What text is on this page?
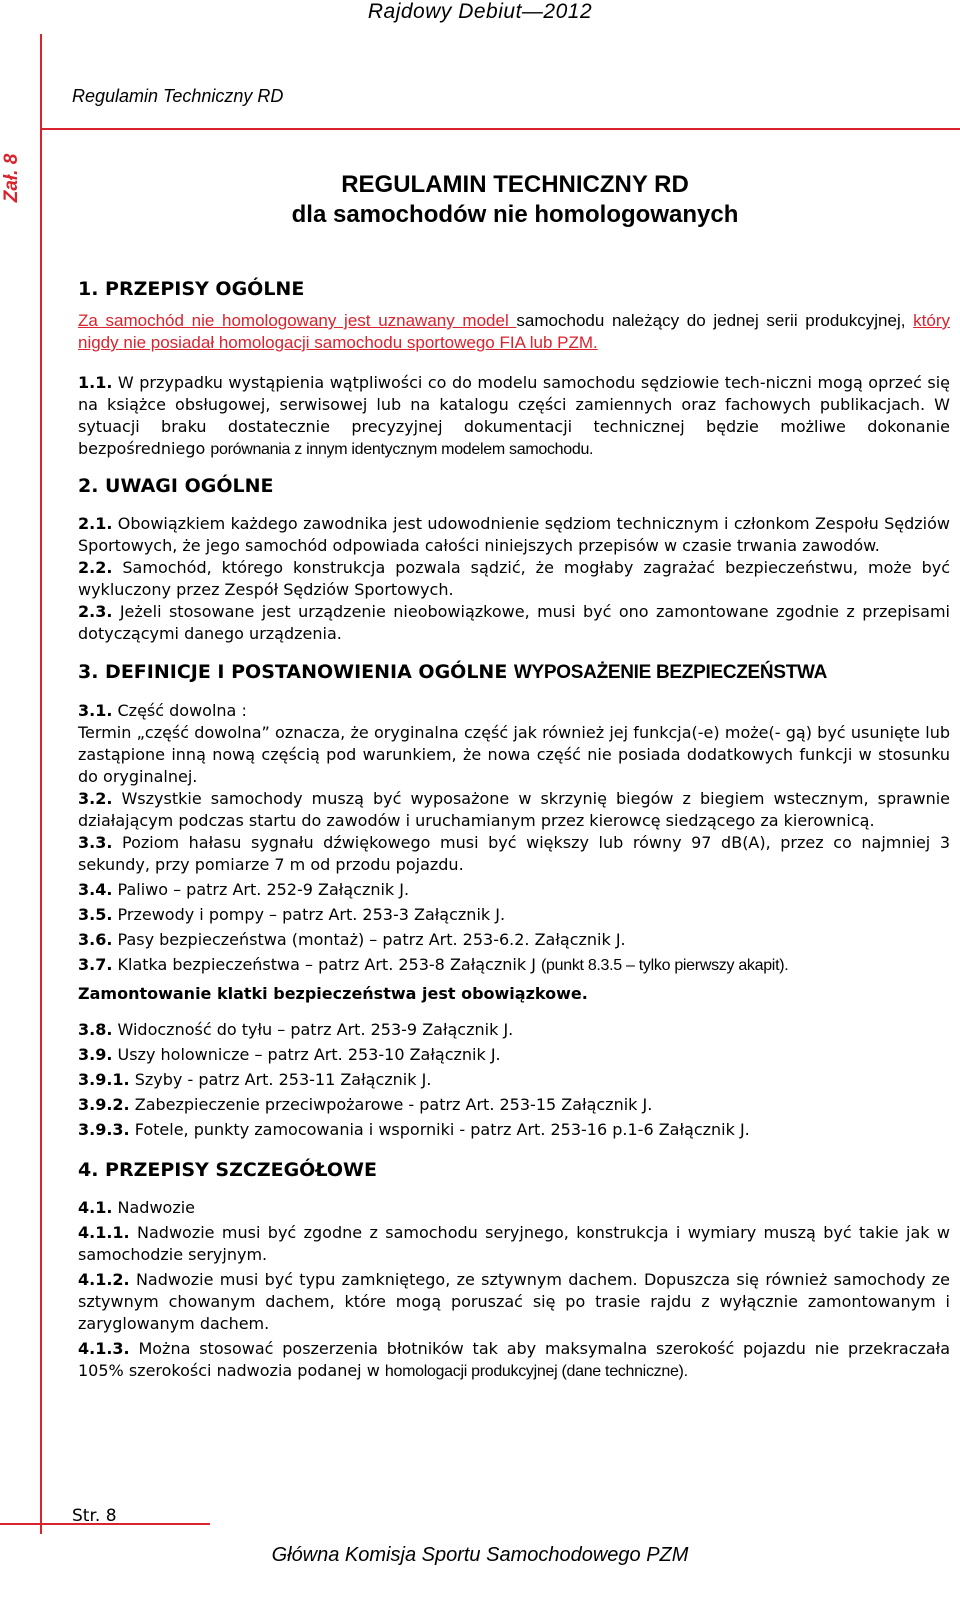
Rajdowy Debiut—2012
Regulamin Techniczny RD
Zał. 8	REGULAMIN TECHNICZNY RD
dla samochodów nie homologowanych

1. PRZEPISY OGÓLNE

Za samochód nie homologowany jest uznawany model samochodu należący do jednej serii produkcyjnej, który nigdy nie posiadał homologacji samochodu sportowego FIA lub PZM.

1.1. W przypadku wystąpienia wątpliwości co do modelu samochodu sędziowie tech-niczni mogą oprzeć się na książce obsługowej, serwisowej lub na katalogu części zamiennych oraz fachowych publikacjach. W sytuacji braku dostatecznie precyzyjnej dokumentacji technicznej będzie możliwe dokonanie bezpośredniego porównania z innym identycznym modelem samochodu.

2. UWAGI OGÓLNE

2.1. Obowiązkiem każdego zawodnika jest udowodnienie sędziom technicznym i członkom Zespołu Sędziów Sportowych, że jego samochód odpowiada całości niniejszych przepisów w czasie trwania zawodów.

2.2. Samochód, którego konstrukcja pozwala sądzić, że mogłaby zagrażać bezpieczeństwu, może być wykluczony przez Zespół Sędziów Sportowych.

2.3. Jeżeli stosowane jest urządzenie nieobowiązkowe, musi być ono zamontowane zgodnie z przepisami dotyczącymi danego urządzenia.

3. DEFINICJE I POSTANOWIENIA OGÓLNE WYPOSAŻENIE BEZPIECZEŃSTWA

3.1. Część dowolna :

Termin „część dowolna” oznacza, że oryginalna część jak również jej funkcja(-e) może(- gą) być usunięte lub zastąpione inną nową częścią pod warunkiem, że nowa część nie posiada dodatkowych funkcji w stosunku do oryginalnej.

3.2. Wszystkie samochody muszą być wyposażone w skrzynię biegów z biegiem wstecznym, sprawnie działającym podczas startu do zawodów i uruchamianym przez kierowcę siedzącego za kierownicą.

3.3. Poziom hałasu sygnału dźwiękowego musi być większy lub równy 97 dB(A), przez co najmniej 3 sekundy, przy pomiarze 7 m od przodu pojazdu.

3.4. Paliwo – patrz Art. 252-9 Załącznik J.

3.5. Przewody i pompy – patrz Art. 253-3 Załącznik J.

3.6. Pasy bezpieczeństwa (montaż) – patrz Art. 253-6.2. Załącznik J.

3.7. Klatka bezpieczeństwa – patrz Art. 253-8 Załącznik J (punkt 8.3.5 – tylko pierwszy akapit).

Zamontowanie klatki bezpieczeństwa jest obowiązkowe.

3.8. Widoczność do tyłu – patrz Art. 253-9 Załącznik J.

3.9. Uszy holownicze – patrz Art. 253-10 Załącznik J.

3.9.1. Szyby - patrz Art. 253-11 Załącznik J.

3.9.2. Zabezpieczenie przeciwpożarowe - patrz Art. 253-15 Załącznik J.

3.9.3. Fotele, punkty zamocowania i wsporniki - patrz Art. 253-16 p.1-6 Załącznik J.

4. PRZEPISY SZCZEGÓŁOWE

4.1. Nadwozie

4.1.1. Nadwozie musi być zgodne z samochodu seryjnego, konstrukcja i wymiary muszą być takie jak w samochodzie seryjnym.

4.1.2. Nadwozie musi być typu zamkniętego, ze sztywnym dachem. Dopuszcza się również samochody ze sztywnym chowanym dachem, które mogą poruszać się po trasie rajdu z wyłącznie zamontowanym i zaryglowanym dachem.

4.1.3. Można stosować poszerzenia błotników tak aby maksymalna szerokość pojazdu nie przekraczała 105% szerokości nadwozia podanej w homologacji produkcyjnej (dane techniczne).

Str. 8
Główna Komisja Sportu Samochodowego PZM
